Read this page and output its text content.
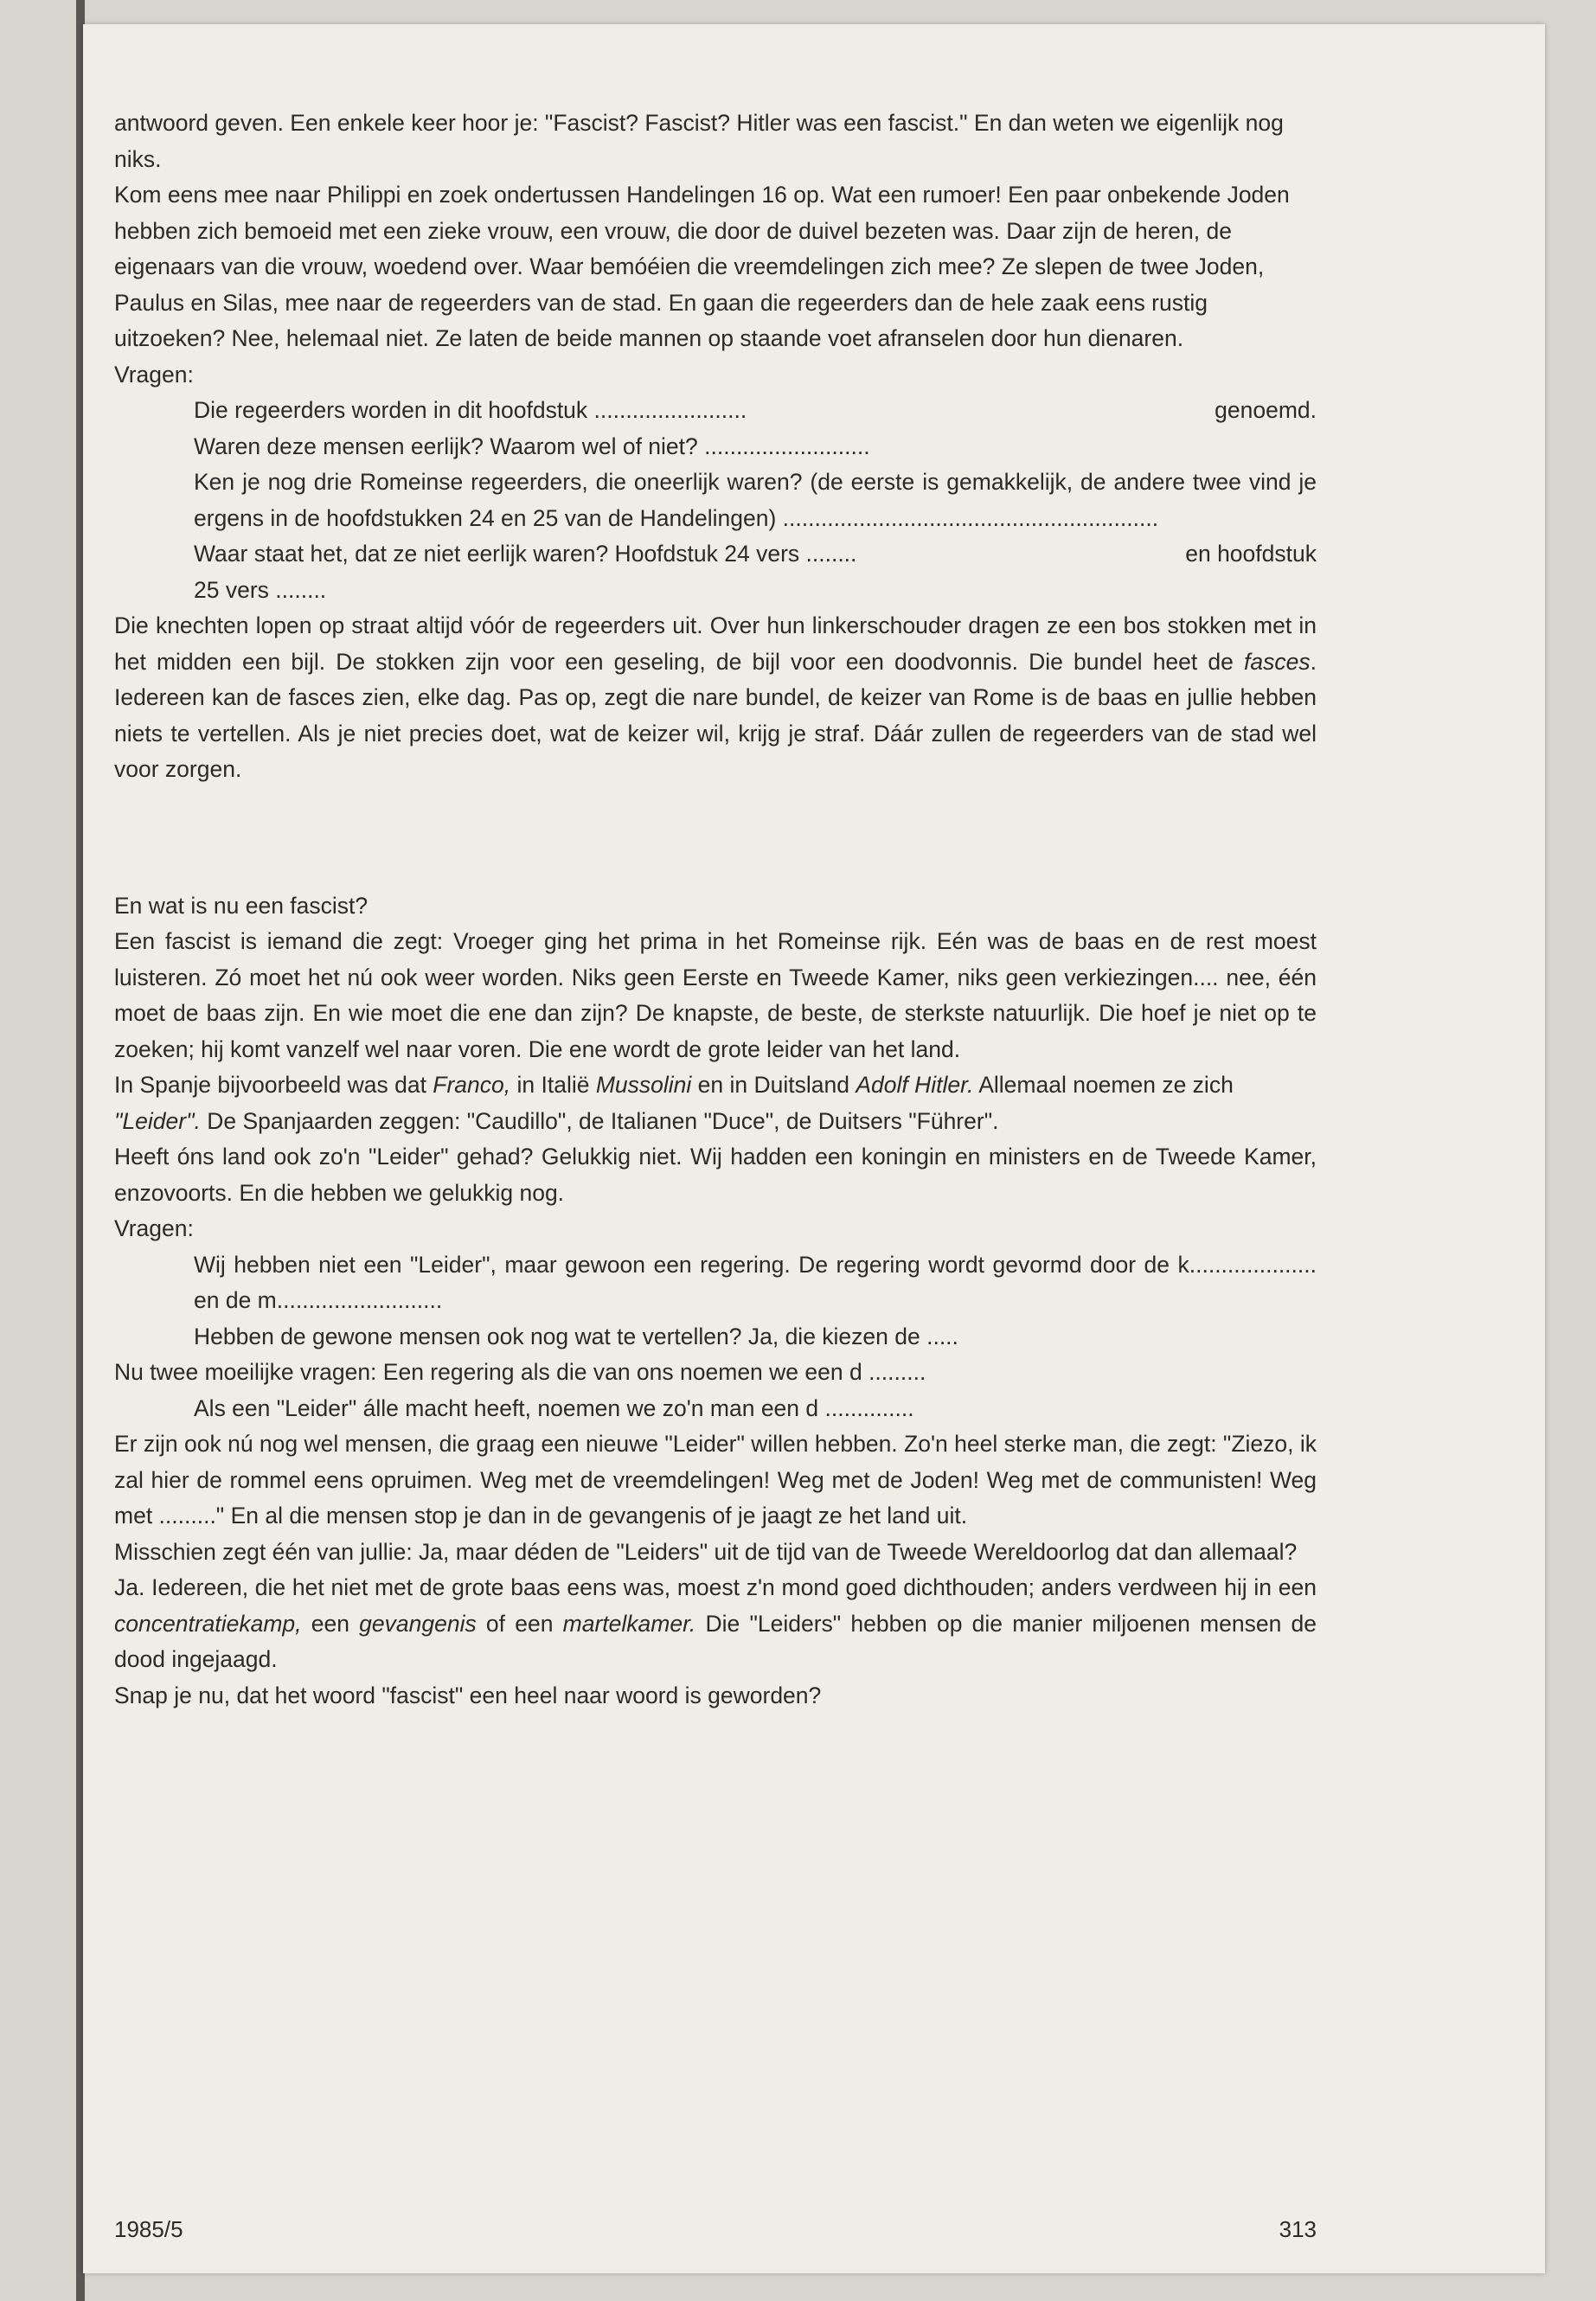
antwoord geven. Een enkele keer hoor je: "Fascist? Fascist? Hitler was een fascist." En dan weten we eigenlijk nog niks.

Kom eens mee naar Philippi en zoek ondertussen Handelingen 16 op. Wat een rumoer! Een paar onbekende Joden hebben zich bemoeid met een zieke vrouw, een vrouw, die door de duivel bezeten was. Daar zijn de heren, de eigenaars van die vrouw, woedend over. Waar bemóéien die vreemdelingen zich mee? Ze slepen de twee Joden, Paulus en Silas, mee naar de regeerders van de stad. En gaan die regeerders dan de hele zaak eens rustig uitzoeken? Nee, helemaal niet. Ze laten de beide mannen op staande voet afranselen door hun dienaren.

Vragen:

Die regeerders worden in dit hoofdstuk ........................	genoemd.

Waren deze mensen eerlijk? Waarom wel of niet? ..........................

Ken je nog drie Romeinse regeerders, die oneerlijk waren? (de eerste is gemakkelijk, de andere twee vind je ergens in de hoofdstukken 24 en 25 van de Handelingen) ...........................................................

Waar staat het, dat ze niet eerlijk waren? Hoofdstuk 24 vers ........	en hoofdstuk

25 vers ........

Die knechten lopen op straat altijd vóór de regeerders uit. Over hun linkerschouder dragen ze een bos stokken met in het midden een bijl. De stokken zijn voor een geseling, de bijl voor een doodvonnis. Die bundel heet de fasces. Iedereen kan de fasces zien, elke dag. Pas op, zegt die nare bundel, de keizer van Rome is de baas en jullie hebben niets te vertellen. Als je niet precies doet, wat de keizer wil, krijg je straf. Dáár zullen de regeerders van de stad wel voor zorgen.

En wat is nu een fascist?

Een fascist is iemand die zegt: Vroeger ging het prima in het Romeinse rijk. Eén was de baas en de rest moest luisteren. Zó moet het nú ook weer worden. Niks geen Eerste en Tweede Kamer, niks geen verkiezingen.... nee, één moet de baas zijn. En wie moet die ene dan zijn? De knapste, de beste, de sterkste natuurlijk. Die hoef je niet op te zoeken; hij komt vanzelf wel naar voren. Die ene wordt de grote leider van het land.

In Spanje bijvoorbeeld was dat Franco, in Italië Mussolini en in Duitsland Adolf Hitler. Allemaal noemen ze zich "Leider". De Spanjaarden zeggen: "Caudillo", de Italianen "Duce", de Duitsers "Führer".

Heeft óns land ook zo'n "Leider" gehad? Gelukkig niet. Wij hadden een koningin en ministers en de Tweede Kamer, enzovoorts. En die hebben we gelukkig nog.

Vragen:

Wij hebben niet een "Leider", maar gewoon een regering. De regering wordt gevormd door de k.................... en de m..........................

Hebben de gewone mensen ook nog wat te vertellen? Ja, die kiezen de .....

Nu twee moeilijke vragen: Een regering als die van ons noemen we een d .........

Als een "Leider" álle macht heeft, noemen we zo'n man een d ..............

Er zijn ook nú nog wel mensen, die graag een nieuwe "Leider" willen hebben. Zo'n heel sterke man, die zegt: "Ziezo, ik zal hier de rommel eens opruimen. Weg met de vreemdelingen! Weg met de Joden! Weg met de communisten! Weg met ........." En al die mensen stop je dan in de gevangenis of je jaagt ze het land uit.

Misschien zegt één van jullie: Ja, maar déden de "Leiders" uit de tijd van de Tweede Wereldoorlog dat dan allemaal?

Ja. Iedereen, die het niet met de grote baas eens was, moest z'n mond goed dichthouden; anders verdween hij in een concentratiekamp, een gevangenis of een martelkamer. Die "Leiders" hebben op die manier miljoenen mensen de dood ingejaagd.

Snap je nu, dat het woord "fascist" een heel naar woord is geworden?

1985/5	313
